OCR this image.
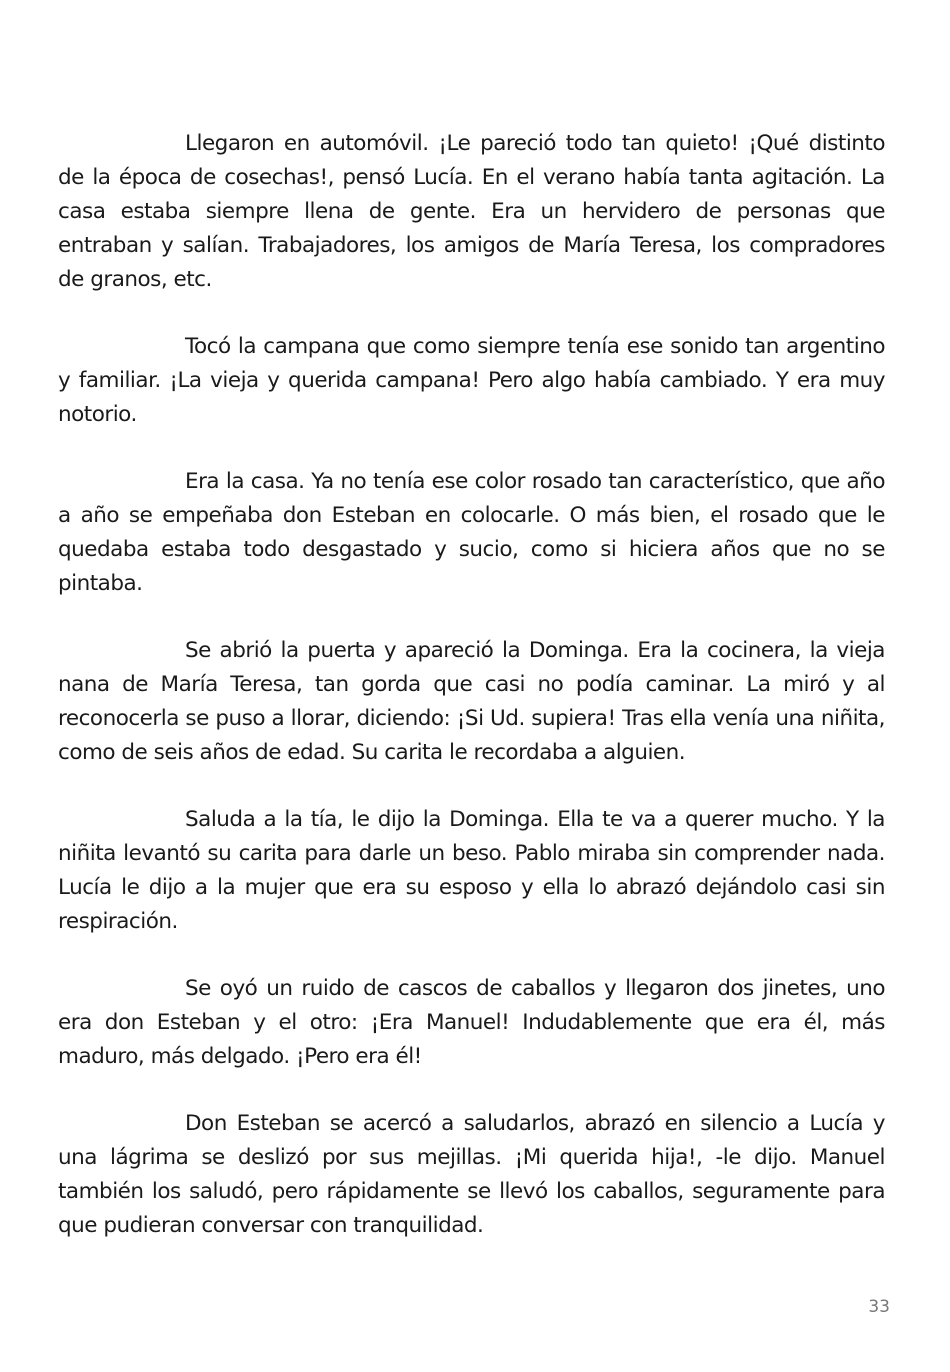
Llegaron en automóvil. ¡Le pareció todo tan quieto! ¡Qué distinto de la época de cosechas!, pensó Lucía. En el verano había tanta agitación. La casa estaba siempre llena de gente. Era un hervidero de personas que entraban y salían. Trabajadores, los amigos de María Teresa, los compradores de granos, etc.

Tocó la campana que como siempre tenía ese sonido tan argentino y familiar. ¡La vieja y querida campana! Pero algo había cambiado. Y era muy notorio.

Era la casa. Ya no tenía ese color rosado tan característico, que año a año se empeñaba don Esteban en colocarle. O más bien, el rosado que le quedaba estaba todo desgastado y sucio, como si hiciera años que no se pintaba.

Se abrió la puerta y apareció la Dominga. Era la cocinera, la vieja nana de María Teresa, tan gorda que casi no podía caminar. La miró y al reconocerla se puso a llorar, diciendo: ¡Si Ud. supiera! Tras ella venía una niñita, como de seis años de edad. Su carita le recordaba a alguien.

Saluda a la tía, le dijo la Dominga. Ella te va a querer mucho. Y la niñita levantó su carita para darle un beso. Pablo miraba sin comprender nada. Lucía le dijo a la mujer que era su esposo y ella lo abrazó dejándolo casi sin respiración.

Se oyó un ruido de cascos de caballos y llegaron dos jinetes, uno era don Esteban y el otro: ¡Era Manuel! Indudablemente que era él, más maduro, más delgado. ¡Pero era él!

Don Esteban se acercó a saludarlos, abrazó en silencio a Lucía y una lágrima se deslizó por sus mejillas. ¡Mi querida hija!, -le dijo. Manuel también los saludó, pero rápidamente se llevó los caballos, seguramente para que pudieran conversar con tranquilidad.

33
